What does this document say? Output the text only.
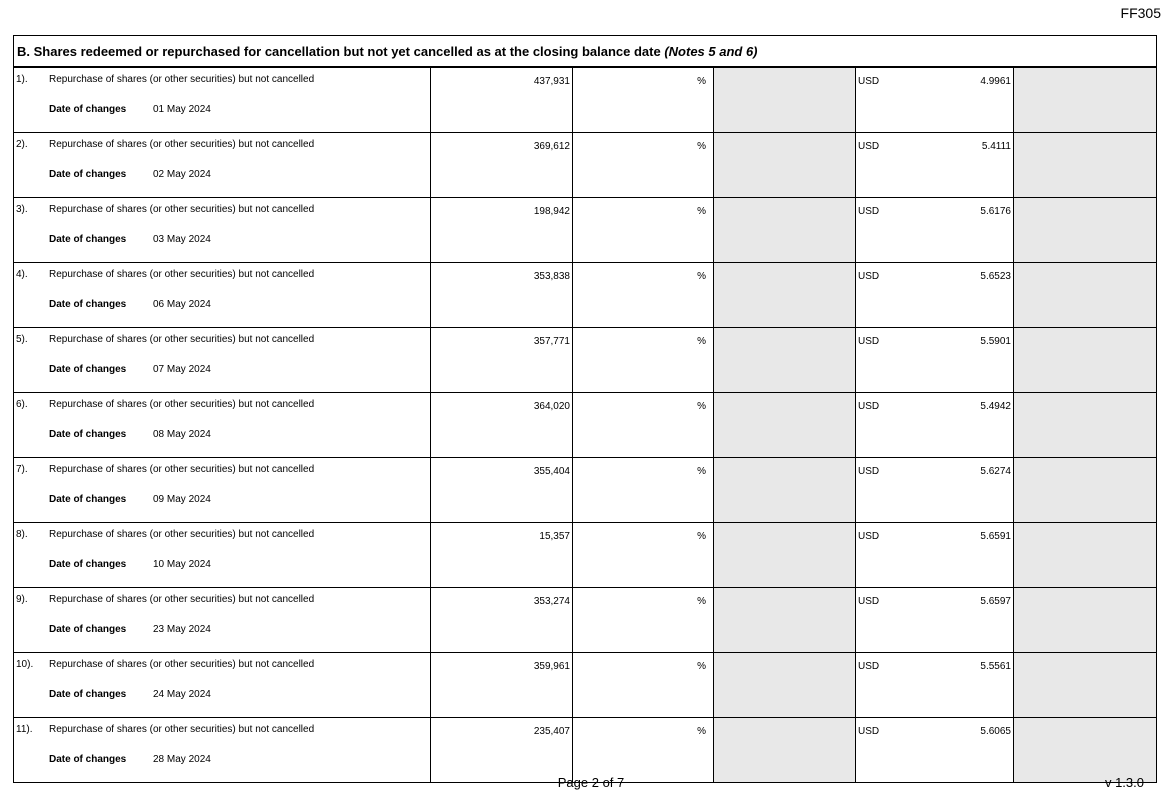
FF305
B. Shares redeemed or repurchased for cancellation but not yet cancelled as at the closing balance date (Notes 5 and 6)					

1). Repurchase of shares (or other securities) but not cancelled
Date of changes 01 May 2024	437,931	%		USD 4.9961	

2). Repurchase of shares (or other securities) but not cancelled
Date of changes 02 May 2024	369,612	%		USD 5.4111	

3). Repurchase of shares (or other securities) but not cancelled
Date of changes 03 May 2024	198,942	%		USD 5.6176	

4). Repurchase of shares (or other securities) but not cancelled
Date of changes 06 May 2024	353,838	%		USD 5.6523	

5). Repurchase of shares (or other securities) but not cancelled
Date of changes 07 May 2024	357,771	%		USD 5.5901	

6). Repurchase of shares (or other securities) but not cancelled
Date of changes 08 May 2024	364,020	%		USD 5.4942	

7). Repurchase of shares (or other securities) but not cancelled
Date of changes 09 May 2024	355,404	%		USD 5.6274	

8). Repurchase of shares (or other securities) but not cancelled
Date of changes 10 May 2024	15,357	%		USD 5.6591	

9). Repurchase of shares (or other securities) but not cancelled
Date of changes 23 May 2024	353,274	%		USD 5.6597	

10). Repurchase of shares (or other securities) but not cancelled
Date of changes 24 May 2024	359,961	%		USD 5.5561	

11). Repurchase of shares (or other securities) but not cancelled
Date of changes 28 May 2024	235,407	%		USD 5.6065	

Page 2 of 7	v 1.3.0
